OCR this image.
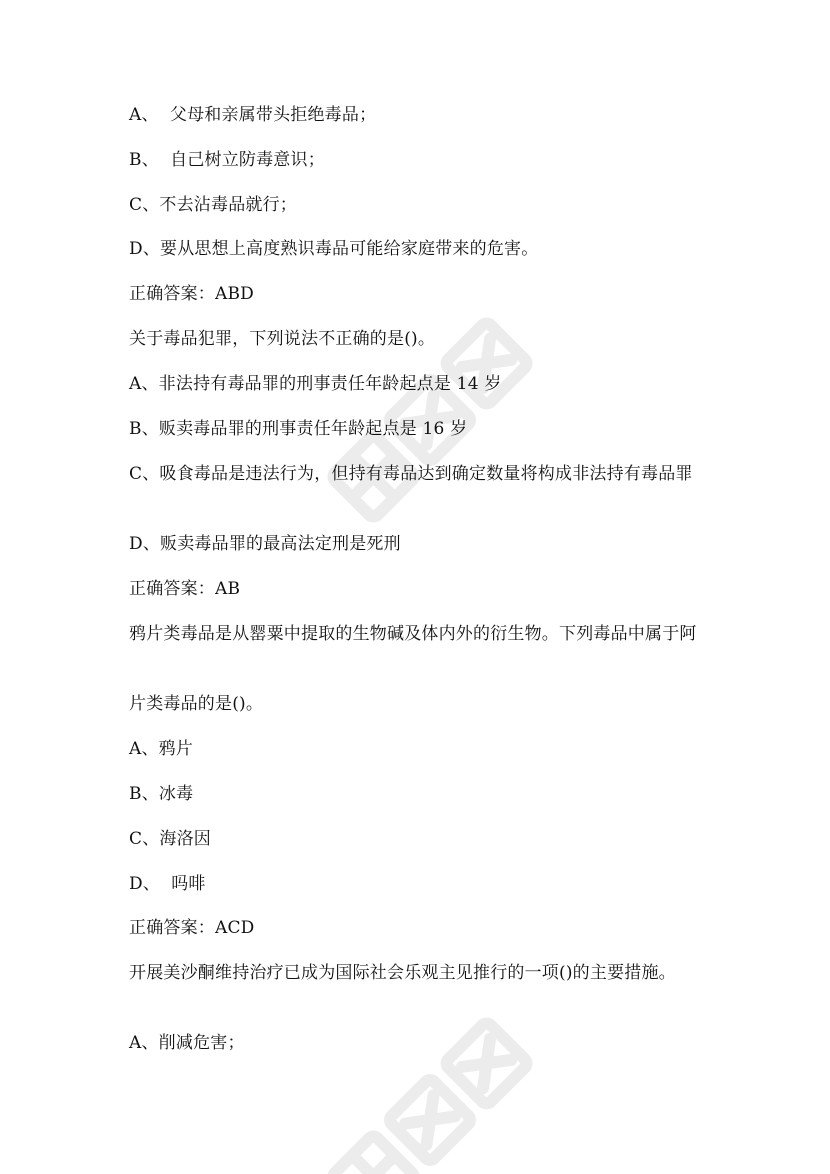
A、  父母和亲属带头拒绝毒品；
B、  自己树立防毒意识；
C、不去沾毒品就行；
D、要从思想上高度熟识毒品可能给家庭带来的危害。
正确答案：ABD
关于毒品犯罪，下列说法不正确的是()。
A、非法持有毒品罪的刑事责任年龄起点是 14 岁
B、贩卖毒品罪的刑事责任年龄起点是 16 岁
C、吸食毒品是违法行为，但持有毒品达到确定数量将构成非法持有毒品罪
D、贩卖毒品罪的最高法定刑是死刑
正确答案：AB
鸦片类毒品是从罂粟中提取的生物碱及体内外的衍生物。下列毒品中属于阿
片类毒品的是()。
A、鸦片
B、冰毒
C、海洛因
D、  吗啡
正确答案：ACD
开展美沙酮维持治疗已成为国际社会乐观主见推行的一项()的主要措施。
A、削减危害；
